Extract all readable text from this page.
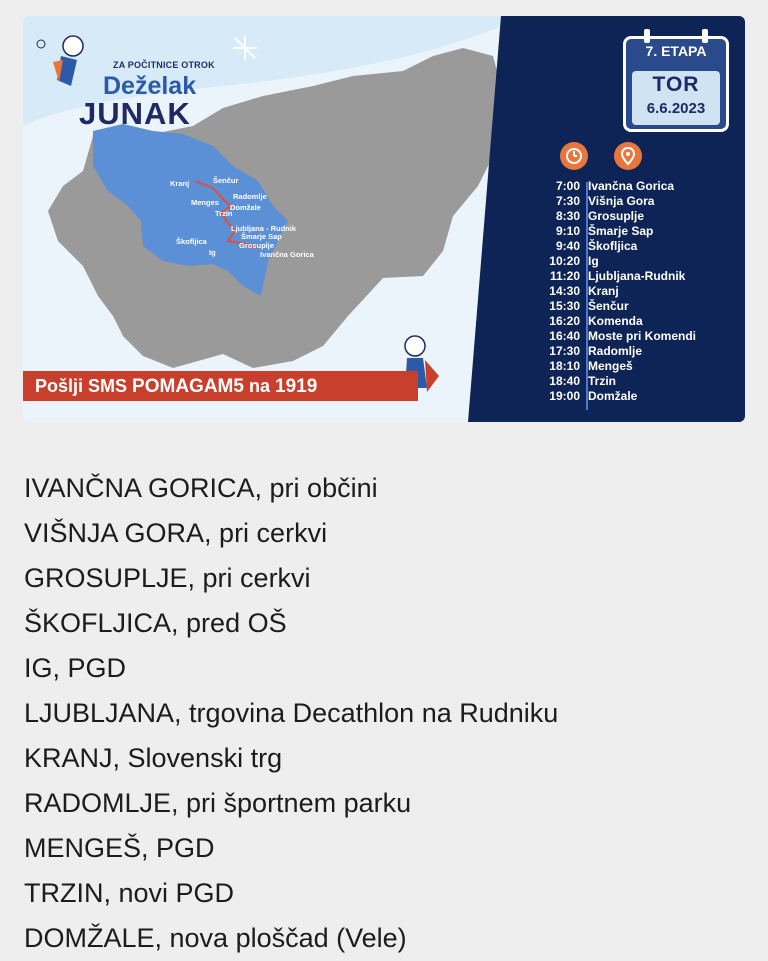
ZA POČITNICE OTROK
Deželak
JUNAK
Kranj	Šenčur
Radomlje
Menges
Domžale
Trzin
Ljubljana - Rudnik
Šmarje Sap
Škofljica	Grosuplje
Ig	Ivančna Gorica
Pošlji SMS POMAGAM5 na 1919
7. ETAPA
TOR
6.6.2023
7:00 Ivančna Gorica
7:30 Višnja Gora
8:30 Grosuplje
9:10 Šmarje Sap
9:40 Škofljica
10:20 Ig
11:20 Ljubljana-Rudnik
14:30 Kranj
15:30 Šenčur
16:20 Komenda
16:40 Moste pri Komendi
17:30 Radomlje
18:10 Mengeš
18:40 Trzin
19:00 Domžale
IVANČNA GORICA, pri občini
VIŠNJA GORA, pri cerkvi
GROSUPLJE, pri cerkvi
ŠKOFLJICA, pred OŠ
IG, PGD
LJUBLJANA, trgovina Decathlon na Rudniku
KRANJ, Slovenski trg
RADOMLJE, pri športnem parku
MENGEŠ, PGD
TRZIN, novi PGD
DOMŽALE, nova ploščad (Vele)
